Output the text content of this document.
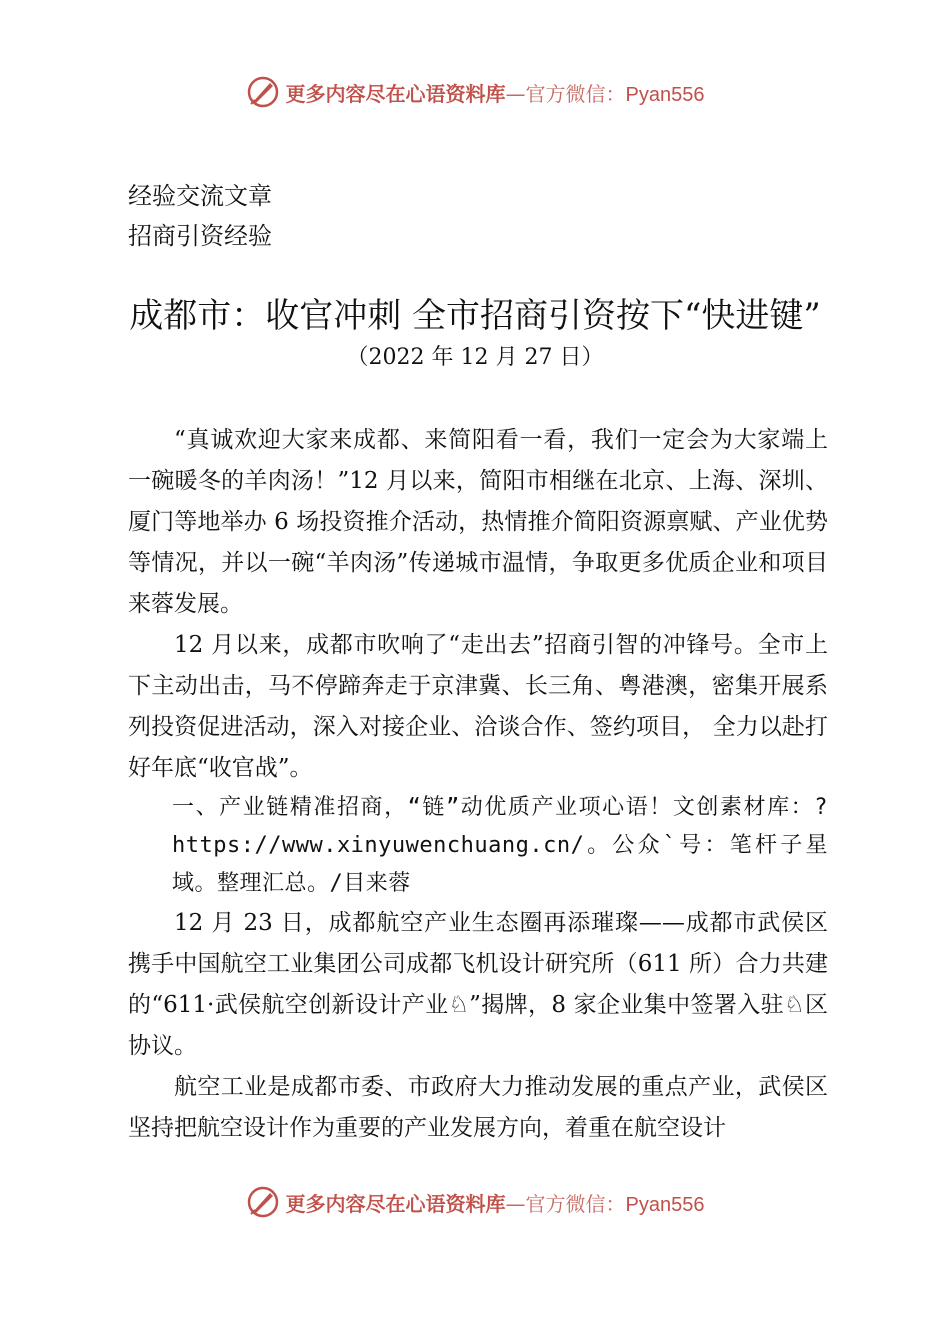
更多内容尽在心语资料库—官方微信：Pyan556
经验交流文章
招商引资经验
成都市：收官冲刺 全市招商引资按下“快进键”
（2022 年 12 月 27 日）

“真诚欢迎大家来成都、来简阳看一看，我们一定会为大家端上一碗暖冬的羊肉汤！”12 月以来，简阳市相继在北京、上海、深圳、厦门等地举办 6 场投资推介活动，热情推介简阳资源禀赋、产业优势等情况，并以一碗“羊肉汤”传递城市温情，争取更多优质企业和项目来蓉发展。

12 月以来，成都市吹响了“走出去”招商引智的冲锋号。全市上下主动出击，马不停蹄奔走于京津冀、长三角、粤港澳，密集开展系列投资促进活动，深入对接企业、洽谈合作、签约项目， 全力以赴打好年底“收官战”。

一、产业链精准招商，“链”动优质产业项心语！文创素材库：?https://www.xinyuwenchuang.cn/。公众`号：笔杆子星域。整理汇总。/目来蓉

12 月 23 日，成都航空产业生态圈再添璀璨——成都市武侯区携手中国航空工业集团公司成都飞机设计研究所（611 所）合力共建的“611·武侯航空创新设计产业♘”揭牌，8 家企业集中签署入驻♘区协议。

航空工业是成都市委、市政府大力推动发展的重点产业，武侯区坚持把航空设计作为重要的产业发展方向，着重在航空设计

更多内容尽在心语资料库—官方微信：Pyan556
